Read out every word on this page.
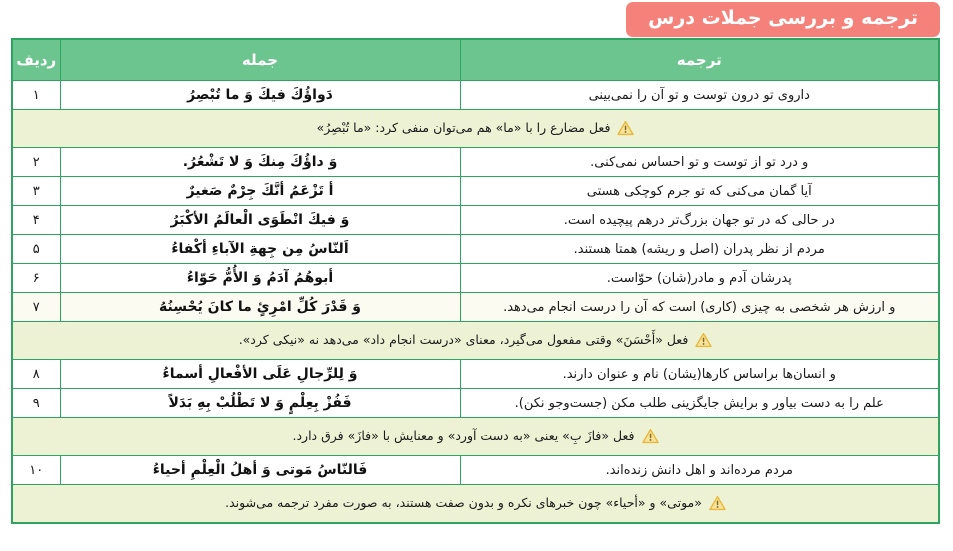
ترجمه و بررسی جملات درس
ترجمه	جمله	ردیف
داروی تو درون توست و تو آن را نمی‌بینی	دَواؤُكَ فيكَ وَ ما تُبْصِرُ	۱

فعل مضارع را با «ما» هم می‌توان منفی کرد: «ما تُبْصِرُ»		

و درد تو از توست و تو احساس نمی‌کنی.	وَ داؤُكَ مِنكَ وَ لا تَشْعُرُ.	۲
آیا گمان می‌کنی که تو جرم کوچکی هستی	أ تَزْعَمُ أنَّكَ جِرْمٌ صَغيرٌ	۳
در حالی که در تو جهان بزرگ‌تر درهم پیچیده است.	وَ فيكَ انْطَوَى الْعالَمُ الأكْبَرُ	۴
مردم از نظر پدران (اصل و ریشه) همتا هستند.	اَلنّاسُ مِن جِهةِ الآباءِ أكْفاءُ	۵
پدرشان آدم و مادر(شان) حوّاست.	أبوهُمُ آدَمُ وَ الأُمُّ حَوّاءُ	۶
و ارزش هر شخصی به چیزی (کاری) است که آن را درست انجام می‌دهد.	وَ قَدْرَ كُلِّ امْرِئٍ ما كانَ يُحْسِنُهُ	۷

فعل «أَحْسَنَ» وقتی مفعول می‌گیرد، معنای «درست انجام داد» می‌دهد نه «نیکی کرد».		

و انسان‌ها براساس کارها(یشان) نام و عنوان دارند.	وَ لِلرِّجالِ عَلَى الأفْعالِ أسماءُ	۸
علم را به دست بیاور و برایش جایگزینی طلب مکن (جست‌وجو نکن).	فَفُزْ بِعِلْمٍ وَ لا تَطْلُبْ بِهِ بَدَلاً	۹

فعل «فازَ بِ» یعنی «به دست آورد» و معنایش با «فازَ» فرق دارد.		

مردم مرده‌اند و اهل دانش زنده‌اند.	فَالنّاسُ مَوتى وَ أهلُ الْعِلْمِ أحياءُ	۱۰

«موتى» و «أحياء» چون خبرهای نکره و بدون صفت هستند، به صورت مفرد ترجمه می‌شوند.		
